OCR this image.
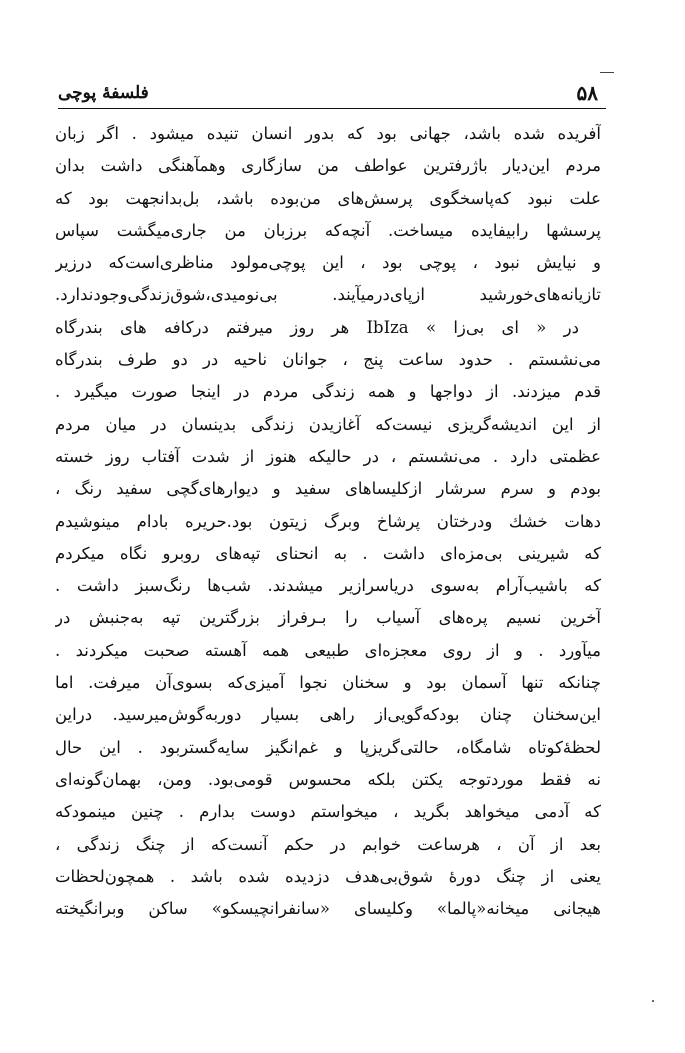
۵۸
فلسفهٔ پوچی
آفریده شده باشد، جهانی بود که بدور انسان تنیده میشود . اگر زبان
مردم این‌دیار باژرفترین عواطف من سازگاری وهمآهنگی داشت بدان
علت نبود که‌پاسخگوی پرسش‌های من‌بوده باشد، بل‌بدانجهت بود که
پرسشها رابیفایده میساخت. آنچه‌که برزبان من جاری‌میگشت سپاس
و نیایش نبود ، پوچی بود ، این پوچی‌مولود مناظری‌است‌که درزیر
تازیانه‌های‌خورشید ازپای‌درمیآیند. بی‌نومیدی،شوق‌زندگی‌وجودندارد.
در « ای بی‌زا » IbIza هر روز میرفتم درکافه های بندرگاه
می‌نشستم . حدود ساعت پنج ، جوانان ناحیه در دو طرف بندرگاه
قدم میزدند. از دواجها و همه زندگی مردم در اینجا صورت میگیرد .
از این اندیشه‌گریزی نیست‌که آغازیدن زندگی بدینسان در میان مردم
عظمتی دارد . می‌نشستم ، در حالیکه هنوز از شدت آفتاب روز خسته
بودم و سرم سرشار ازکلیساهای سفید و دیوارهای‌گچی سفید رنگ ،
دهات خشك ودرختان پرشاخ وبرگ زیتون بود.حریره بادام مینوشیدم
که شیرینی بی‌مزه‌ای داشت . به انحنای تپه‌های روبرو نگاه میکردم
که باشیب‌آرام به‌سوی دریاسرازیر میشدند. شب‌ها رنگ‌سبز داشت .
آخرین نسیم پره‌های آسیاب را بـرفراز بزرگترین تپه به‌جنبش در
میآورد . و از روی معجزه‌ای طبیعی همه آهسته صحبت میکردند .
چنانکه تنها آسمان بود و سخنان نجوا آمیزی‌که بسوی‌آن میرفت. اما
این‌سخنان چنان بودکه‌گویی‌از راهی بسیار دوربه‌گوش‌میرسید. دراین
لحظهٔ‌کوتاه شامگاه، حالتی‌گریزپا و غم‌انگیز سایه‌گستربود . این حال
نه فقط موردتوجه یکتن بلکه محسوس قومی‌بود. ومن، بهمان‌گونه‌ای
که آدمی میخواهد بگرید ، میخواستم دوست بدارم . چنین مینمودکه
بعد از آن ، هرساعت خوابم در حکم آنست‌که از چنگ زندگی ،
یعنی از چنگ دورهٔ شوق‌بی‌هدف دزدیده شده باشد . همچون‌لحظات
هیجانی میخانه«پالما» وکلیسای «سانفرانچیسکو» ساکن وبرانگیخته
